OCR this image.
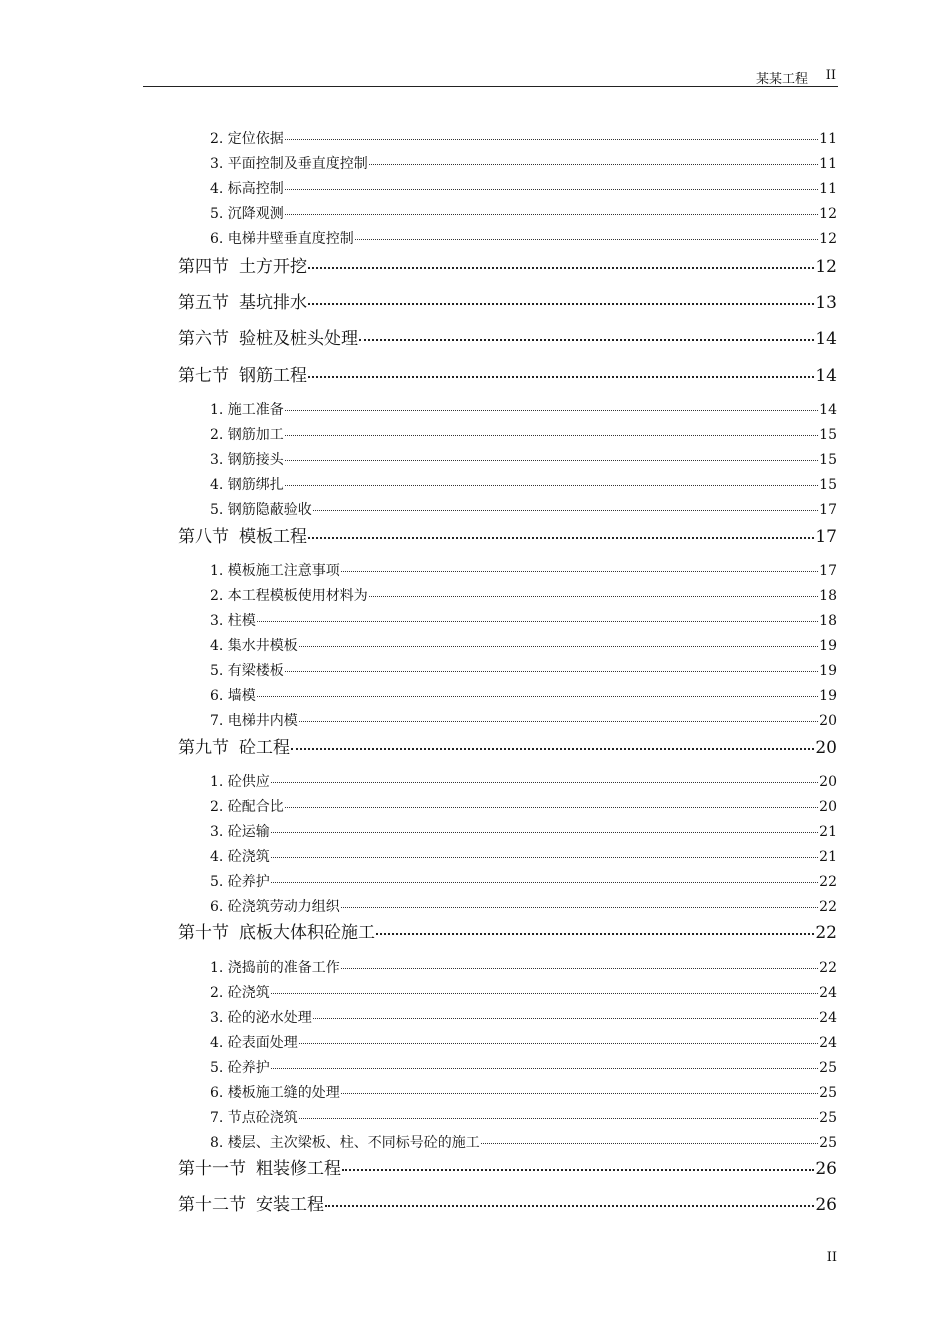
某某工程 II
2. 定位依据	11
3. 平面控制及垂直度控制	11
4. 标高控制	11
5. 沉降观测	12
6. 电梯井壁垂直度控制	12
第四节 土方开挖	12
第五节 基坑排水	13
第六节 验桩及桩头处理	14
第七节 钢筋工程	14
1. 施工准备	14
2. 钢筋加工	15
3. 钢筋接头	15
4. 钢筋绑扎	15
5. 钢筋隐蔽验收	17
第八节 模板工程	17
1. 模板施工注意事项	17
2. 本工程模板使用材料为	18
3. 柱模	18
4. 集水井模板	19
5. 有梁楼板	19
6. 墙模	19
7. 电梯井内模	20
第九节 砼工程	20
1. 砼供应	20
2. 砼配合比	20
3. 砼运输	21
4. 砼浇筑	21
5. 砼养护	22
6. 砼浇筑劳动力组织	22
第十节 底板大体积砼施工	22
1. 浇捣前的准备工作	22
2. 砼浇筑	24
3. 砼的泌水处理	24
4. 砼表面处理	24
5. 砼养护	25
6. 楼板施工缝的处理	25
7. 节点砼浇筑	25
8. 楼层、主次梁板、柱、不同标号砼的施工	25
第十一节 粗装修工程	26
第十二节 安装工程	26
II
